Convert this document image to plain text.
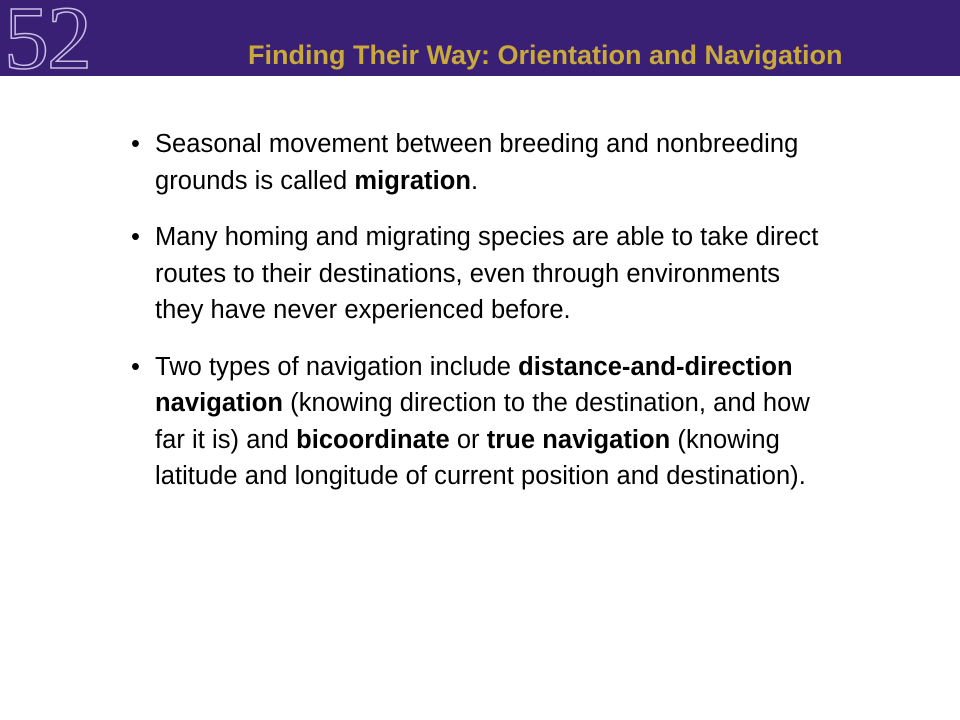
52	Finding Their Way: Orientation and Navigation
• Seasonal movement between breeding and nonbreeding grounds is called migration.
• Many homing and migrating species are able to take direct routes to their destinations, even through environments they have never experienced before.
• Two types of navigation include distance-and-direction navigation (knowing direction to the destination, and how far it is) and bicoordinate or true navigation (knowing latitude and longitude of current position and destination).
